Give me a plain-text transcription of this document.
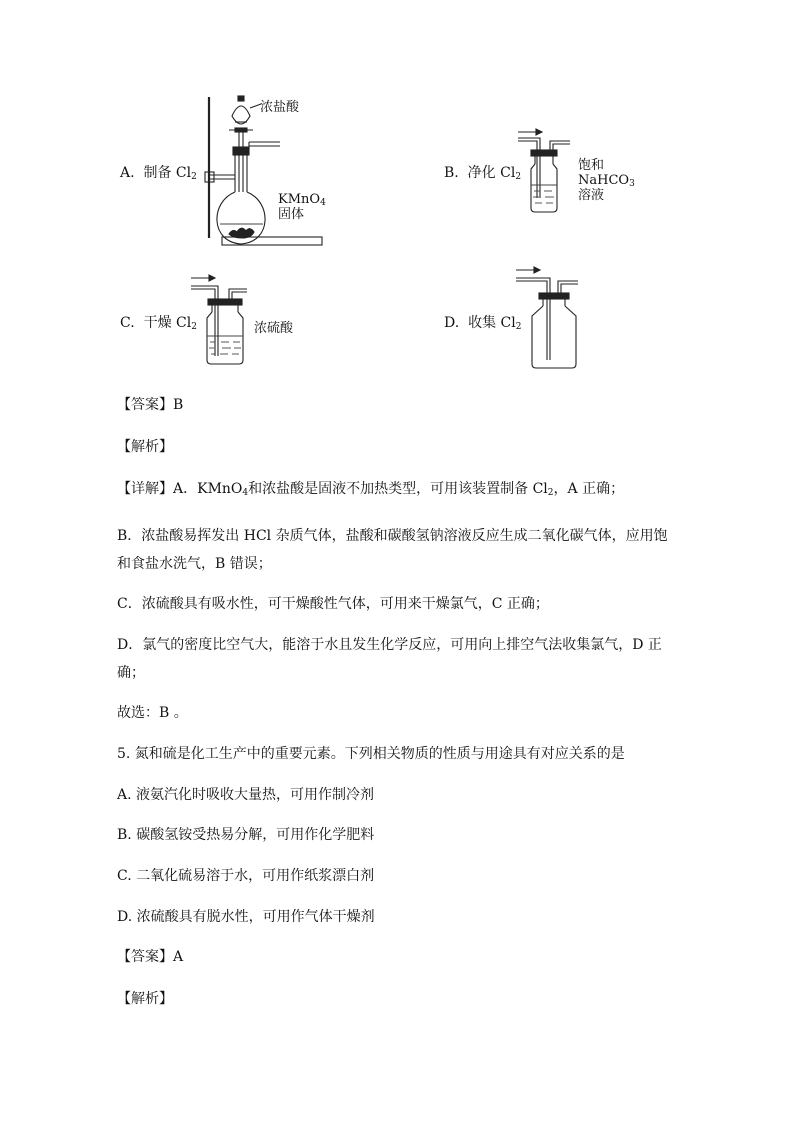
A. 制备 $Cl_2$
浓盐酸
KMnO$_4$
固体
B. 净化 $Cl_2$
饱和
NaHCO$_3$
溶液
C. 干燥 $Cl_2$	浓硫酸	D. 收集 $Cl_2$
【答案】B
【解析】
【详解】A．KMnO$_4$和浓盐酸是固液不加热类型，可用该装置制备 $Cl_2$，A 正确；
B．浓盐酸易挥发出 HCl 杂质气体，盐酸和碳酸氢钠溶液反应生成二氧化碳气体，应用饱
和食盐水洗气，B 错误；
C．浓硫酸具有吸水性，可干燥酸性气体，可用来干燥氯气，C 正确；
D．氯气的密度比空气大，能溶于水且发生化学反应，可用向上排空气法收集氯气，D 正
确；
故选：B 。
5. 氮和硫是化工生产中的重要元素。下列相关物质的性质与用途具有对应关系的是
A. 液氨汽化时吸收大量热，可用作制冷剂
B. 碳酸氢铵受热易分解，可用作化学肥料
C. 二氧化硫易溶于水，可用作纸浆漂白剂
D. 浓硫酸具有脱水性，可用作气体干燥剂
【答案】A
【解析】
